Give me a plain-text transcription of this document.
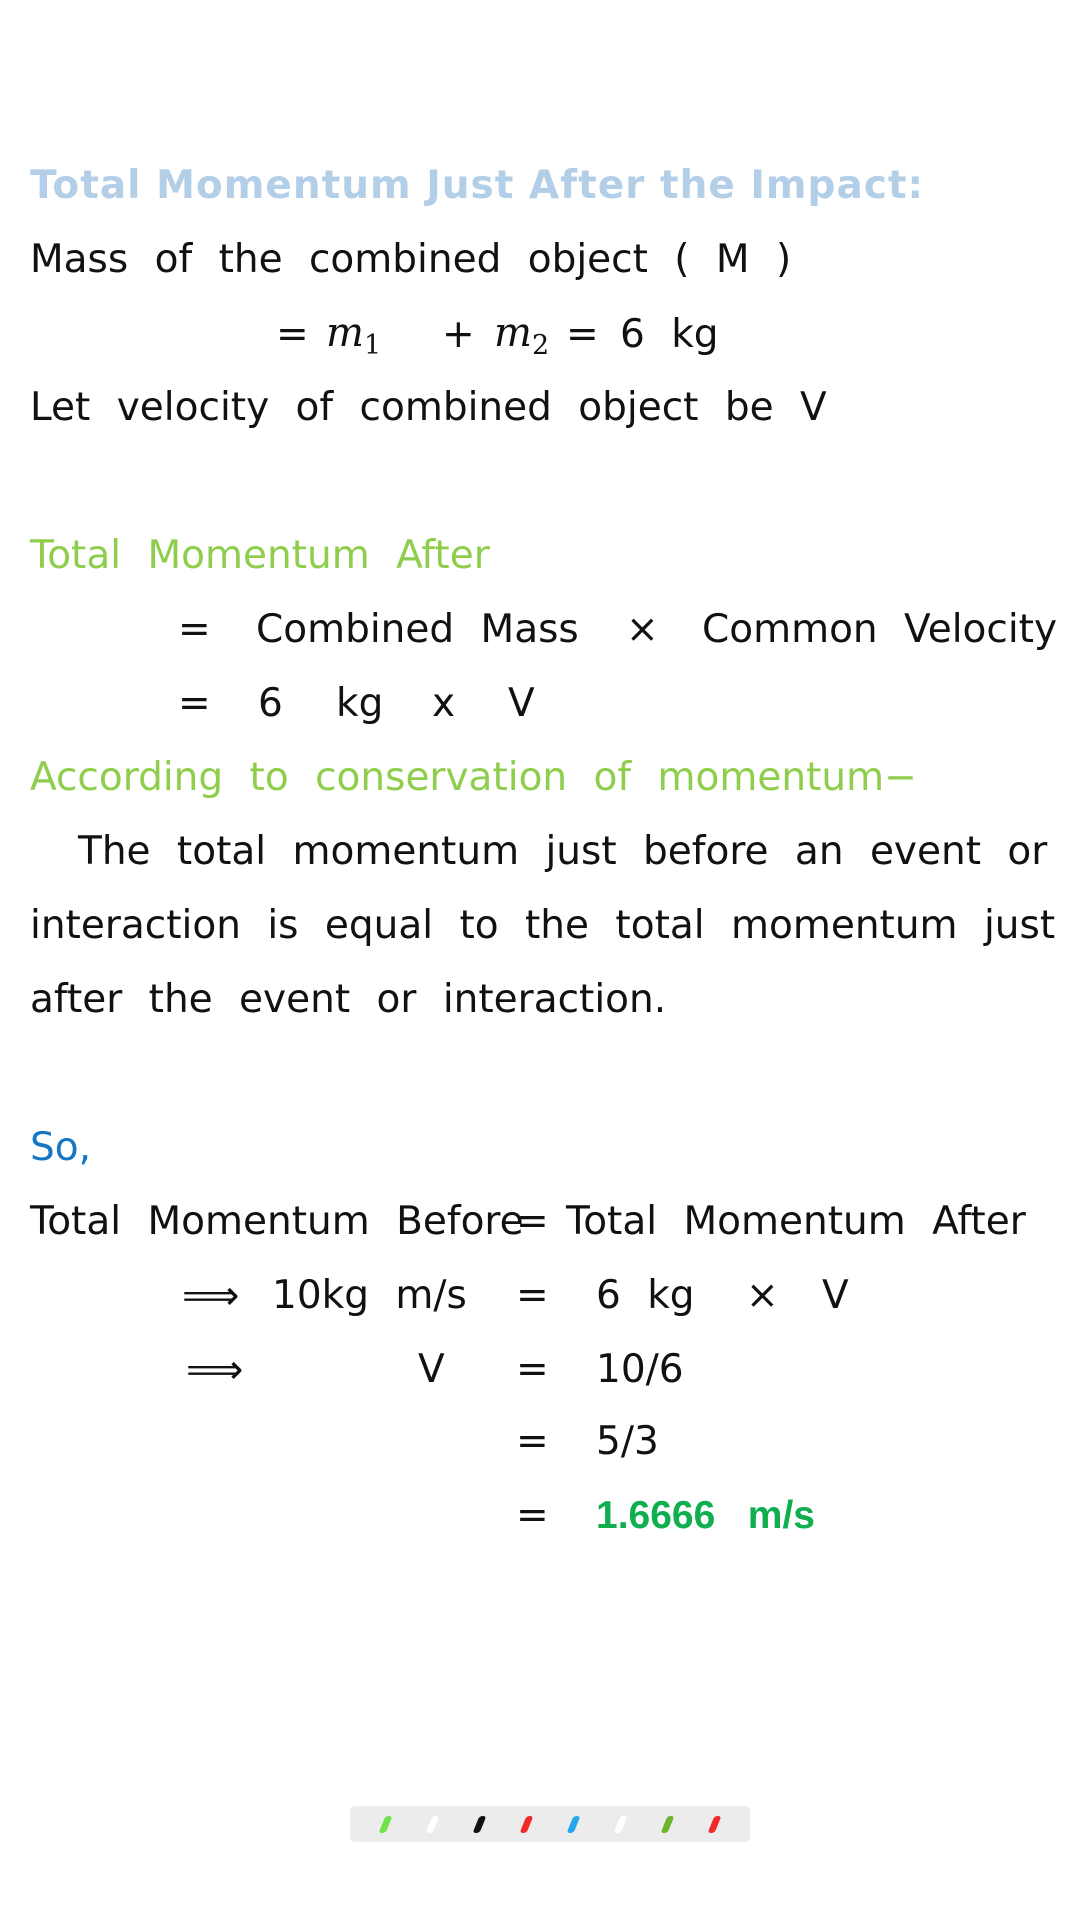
Total Momentum Just After the Impact:
Mass of the combined object ( M )
= $m_1 + m_2 = 6$ kg
Let velocity of combined object be V
Total Momentum After
= Combined Mass × Common Velocity
= 6 kg x V
According to conservation of momentum−
The total momentum just before an event or
interaction is equal to the total momentum just
after the event or interaction.
So,
Total Momentum Before
= Total Momentum After
⟹ 10kg m/s = 6 kg × V
⟹	V = 10/6
= 5/3
= 1.6666   m/s
